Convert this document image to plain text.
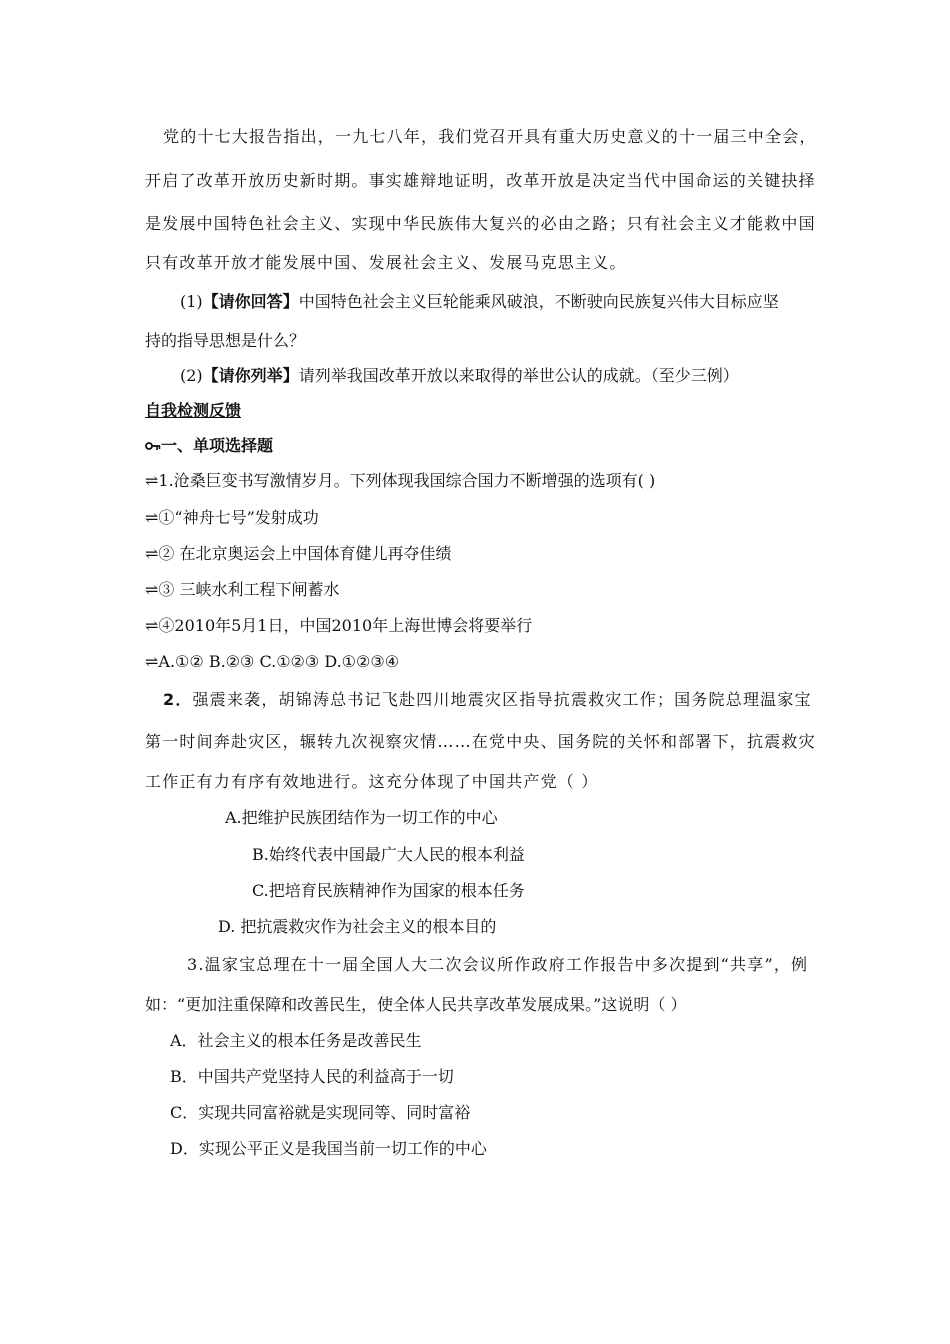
党的十七大报告指出，一九七八年，我们党召开具有重大历史意义的十一届三中全会，
开启了改革开放历史新时期。事实雄辩地证明，改革开放是决定当代中国命运的关键抉择
是发展中国特色社会主义、实现中华民族伟大复兴的必由之路；只有社会主义才能救中国
只有改革开放才能发展中国、发展社会主义、发展马克思主义。
(1)【请你回答】中国特色社会主义巨轮能乘风破浪，不断驶向民族复兴伟大目标应坚
持的指导思想是什么？
(2)【请你列举】请列举我国改革开放以来取得的举世公认的成就。（至少三例）
自我检测反馈
一、单项选择题
⇌1.沧桑巨变书写激情岁月。下列体现我国综合国力不断增强的选项有( )
⇌①“神舟七号”发射成功
⇌② 在北京奥运会上中国体育健儿再夺佳绩
⇌③ 三峡水利工程下闸蓄水
⇌④2010年5月1日，中国2010年上海世博会将要举行
⇌A.①② B.②③ C.①②③ D.①②③④
2．强震来袭，胡锦涛总书记飞赴四川地震灾区指导抗震救灾工作；国务院总理温家宝
第一时间奔赴灾区，辗转九次视察灾情……在党中央、国务院的关怀和部署下，抗震救灾
工作正有力有序有效地进行。这充分体现了中国共产党（ ）
A.把维护民族团结作为一切工作的中心
B.始终代表中国最广大人民的根本利益
C.把培育民族精神作为国家的根本任务
D. 把抗震救灾作为社会主义的根本目的
3.温家宝总理在十一届全国人大二次会议所作政府工作报告中多次提到“共享”，例
如：“更加注重保障和改善民生，使全体人民共享改革发展成果。”这说明（ ）
A．社会主义的根本任务是改善民生
B．中国共产党坚持人民的利益高于一切
C．实现共同富裕就是实现同等、同时富裕
D．实现公平正义是我国当前一切工作的中心
